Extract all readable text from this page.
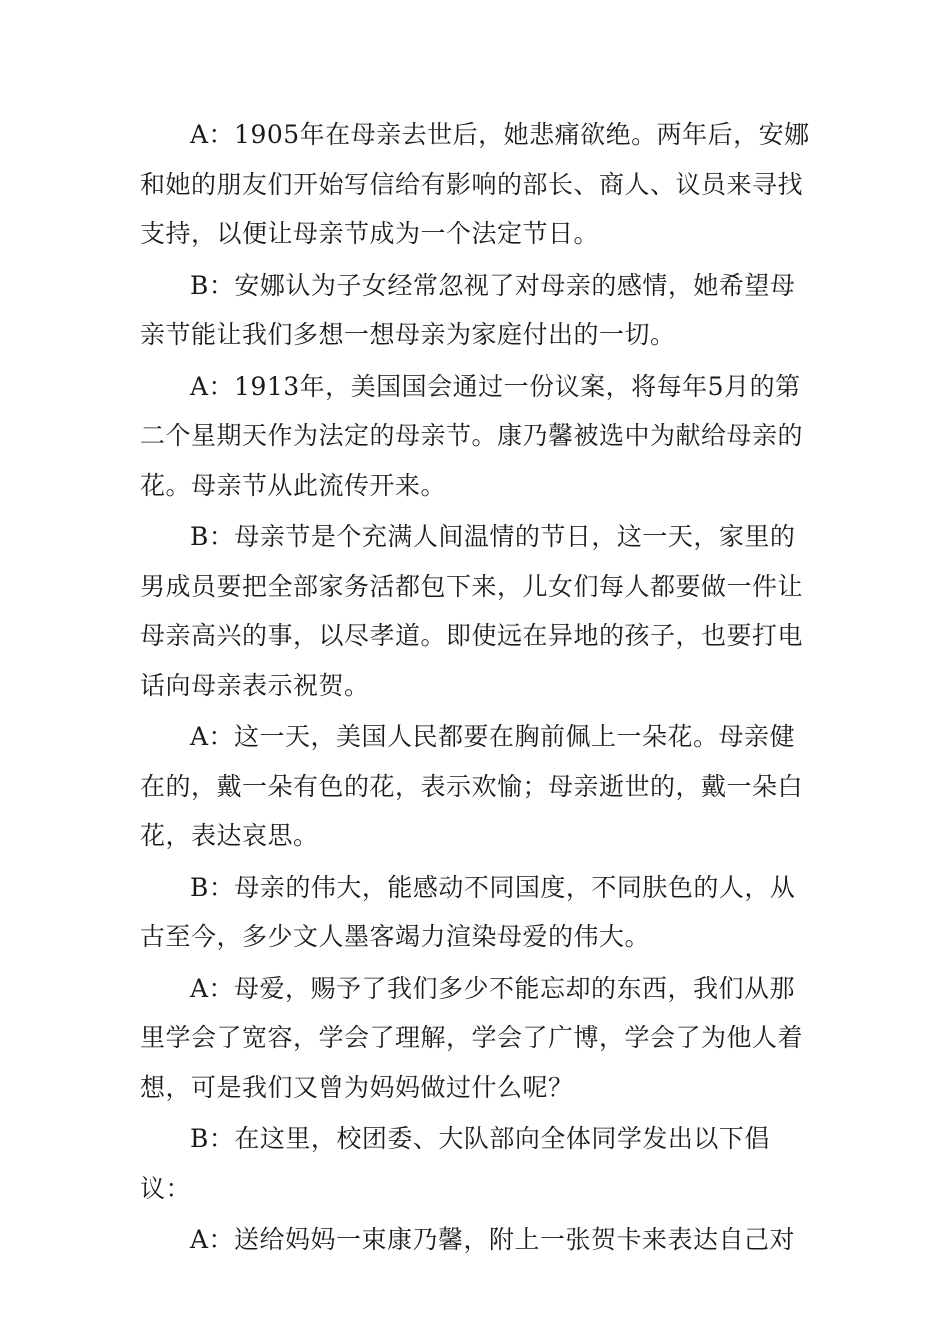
A：1905年在母亲去世后，她悲痛欲绝。两年后，安娜和她的朋友们开始写信给有影响的部长、商人、议员来寻找支持，以便让母亲节成为一个法定节日。

B：安娜认为子女经常忽视了对母亲的感情，她希望母亲节能让我们多想一想母亲为家庭付出的一切。

A：1913年，美国国会通过一份议案，将每年5月的第二个星期天作为法定的母亲节。康乃馨被选中为献给母亲的花。母亲节从此流传开来。

B：母亲节是个充满人间温情的节日，这一天，家里的男成员要把全部家务活都包下来，儿女们每人都要做一件让母亲高兴的事，以尽孝道。即使远在异地的孩子，也要打电话向母亲表示祝贺。

A：这一天，美国人民都要在胸前佩上一朵花。母亲健在的，戴一朵有色的花，表示欢愉；母亲逝世的，戴一朵白花，表达哀思。

B：母亲的伟大，能感动不同国度，不同肤色的人，从古至今，多少文人墨客竭力渲染母爱的伟大。

A：母爱，赐予了我们多少不能忘却的东西，我们从那里学会了宽容，学会了理解，学会了广博，学会了为他人着想，可是我们又曾为妈妈做过什么呢？

B：在这里，校团委、大队部向全体同学发出以下倡议：

A：送给妈妈一束康乃馨，附上一张贺卡来表达自己对
